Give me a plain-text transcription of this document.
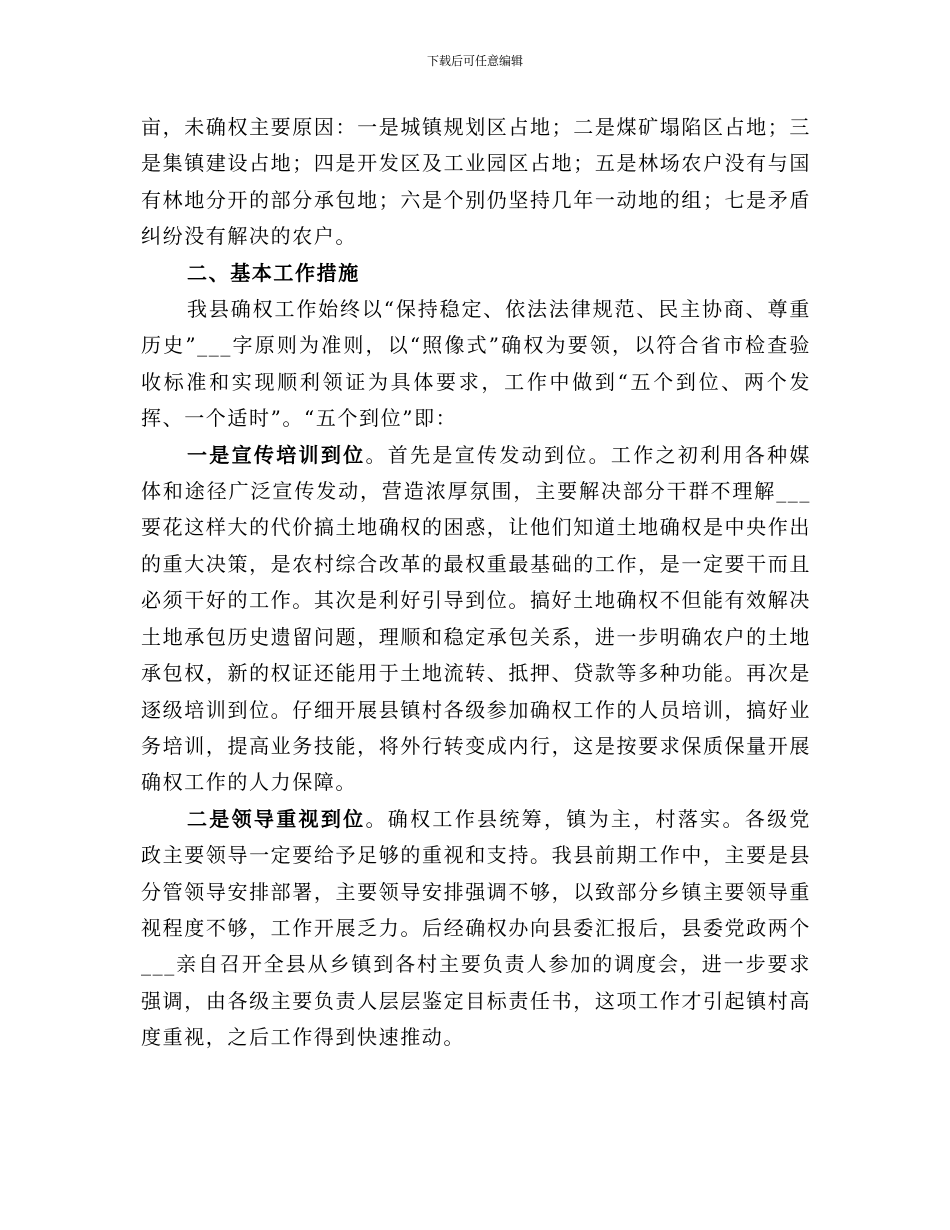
下载后可任意编辑

亩，未确权主要原因：一是城镇规划区占地；二是煤矿塌陷区占地；三是集镇建设占地；四是开发区及工业园区占地；五是林场农户没有与国有林地分开的部分承包地；六是个别仍坚持几年一动地的组；七是矛盾纠纷没有解决的农户。

二、基本工作措施

我县确权工作始终以“保持稳定、依法法律规范、民主协商、尊重历史”___字原则为准则，以“照像式”确权为要领，以符合省市检查验收标准和实现顺利领证为具体要求，工作中做到“五个到位、两个发挥、一个适时”。“五个到位”即：

一是宣传培训到位。首先是宣传发动到位。工作之初利用各种媒体和途径广泛宣传发动，营造浓厚氛围，主要解决部分干群不理解___要花这样大的代价搞土地确权的困惑，让他们知道土地确权是中央作出的重大决策，是农村综合改革的最权重最基础的工作，是一定要干而且必须干好的工作。其次是利好引导到位。搞好土地确权不但能有效解决土地承包历史遗留问题，理顺和稳定承包关系，进一步明确农户的土地承包权，新的权证还能用于土地流转、抵押、贷款等多种功能。再次是逐级培训到位。仔细开展县镇村各级参加确权工作的人员培训，搞好业务培训，提高业务技能，将外行转变成内行，这是按要求保质保量开展确权工作的人力保障。

二是领导重视到位。确权工作县统筹，镇为主，村落实。各级党政主要领导一定要给予足够的重视和支持。我县前期工作中，主要是县分管领导安排部署，主要领导安排强调不够，以致部分乡镇主要领导重视程度不够，工作开展乏力。后经确权办向县委汇报后，县委党政两个___亲自召开全县从乡镇到各村主要负责人参加的调度会，进一步要求强调，由各级主要负责人层层鉴定目标责任书，这项工作才引起镇村高度重视，之后工作得到快速推动。
